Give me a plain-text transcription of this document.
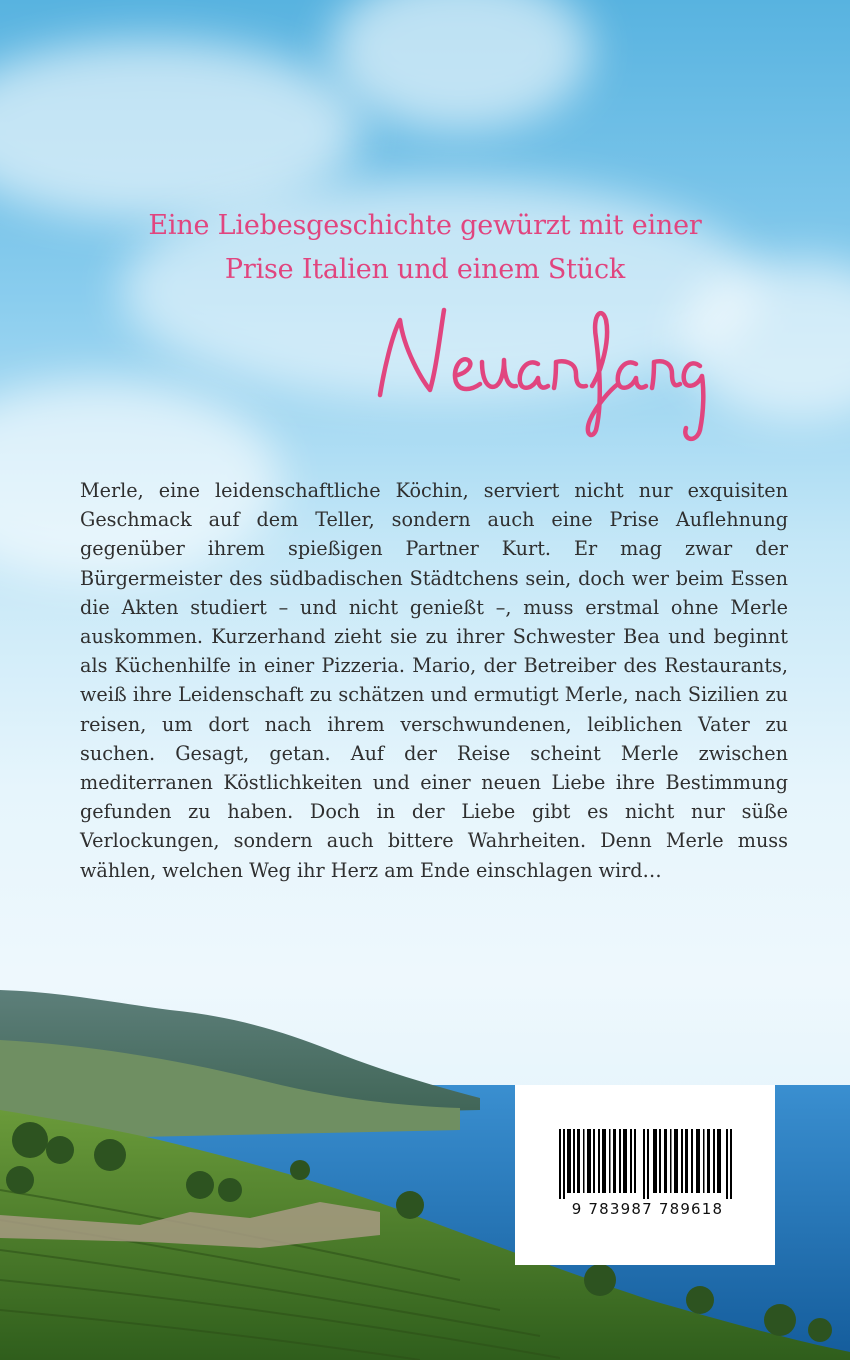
Eine Liebesgeschichte gewürzt mit einer
Prise Italien und einem Stück

Merle, eine leidenschaftliche Köchin, serviert nicht nur exquisiten Geschmack auf dem Teller, sondern auch eine Prise Auflehnung gegenüber ihrem spießigen Partner Kurt. Er mag zwar der Bürgermeister des südbadischen Städtchens sein, doch wer beim Essen die Akten studiert – und nicht genießt –, muss erstmal ohne Merle auskommen. Kurzerhand zieht sie zu ihrer Schwester Bea und beginnt als Küchenhilfe in einer Pizzeria. Mario, der Betreiber des Restaurants, weiß ihre Leidenschaft zu schätzen und ermutigt Merle, nach Sizilien zu reisen, um dort nach ihrem verschwundenen, leiblichen Vater zu suchen. Gesagt, getan. Auf der Reise scheint Merle zwischen mediterranen Köstlichkeiten und einer neuen Liebe ihre Bestimmung gefunden zu haben. Doch in der Liebe gibt es nicht nur süße Verlockungen, sondern auch bittere Wahrheiten. Denn Merle muss wählen, welchen Weg ihr Herz am Ende einschlagen wird…

9 783987 789618
